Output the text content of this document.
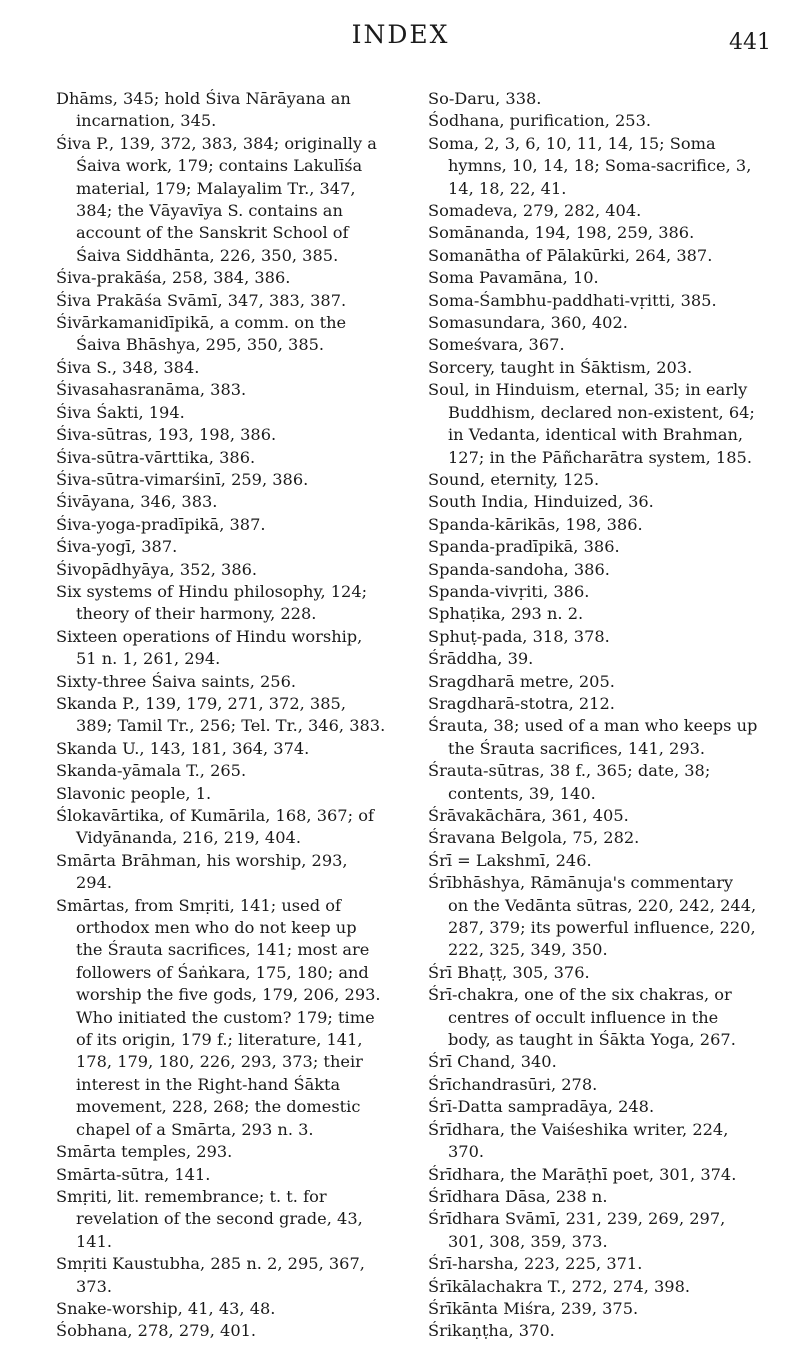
INDEX	441

Dhāms, 345; hold Śiva Nārāyana an incarnation, 345.

Śiva P., 139, 372, 383, 384; originally a Śaiva work, 179; contains Lakulīśa material, 179; Malayalim Tr., 347, 384; the Vāyavīya S. contains an account of the Sanskrit School of Śaiva Siddhānta, 226, 350, 385.

Śiva-prakāśa, 258, 384, 386.

Śiva Prakāśa Svāmī, 347, 383, 387.

Śivārkamanidīpikā, a comm. on the Śaiva Bhāshya, 295, 350, 385.

Śiva S., 348, 384.

Śivasahasranāma, 383.

Śiva Śakti, 194.

Śiva-sūtras, 193, 198, 386.

Śiva-sūtra-vārttika, 386.

Śiva-sūtra-vimarśinī, 259, 386.

Śivāyana, 346, 383.

Śiva-yoga-pradīpikā, 387.

Śiva-yogī, 387.

Śivopādhyāya, 352, 386.

Six systems of Hindu philosophy, 124; theory of their harmony, 228.

Sixteen operations of Hindu worship, 51 n. 1, 261, 294.

Sixty-three Śaiva saints, 256.

Skanda P., 139, 179, 271, 372, 385, 389; Tamil Tr., 256; Tel. Tr., 346, 383.

Skanda U., 143, 181, 364, 374.

Skanda-yāmala T., 265.

Slavonic people, 1.

Ślokavārtika, of Kumārila, 168, 367; of Vidyānanda, 216, 219, 404.

Smārta Brāhman, his worship, 293, 294.

Smārtas, from Smṛiti, 141; used of orthodox men who do not keep up the Śrauta sacrifices, 141; most are followers of Śaṅkara, 175, 180; and worship the five gods, 179, 206, 293. Who initiated the custom? 179; time of its origin, 179 f.; literature, 141, 178, 179, 180, 226, 293, 373; their interest in the Right-hand Śākta movement, 228, 268; the domestic chapel of a Smārta, 293 n. 3.

Smārta temples, 293.

Smārta-sūtra, 141.

Smṛiti, lit. remembrance; t. t. for revelation of the second grade, 43, 141.

Smṛiti Kaustubha, 285 n. 2, 295, 367, 373.

Snake-worship, 41, 43, 48.

Śobhana, 278, 279, 401.

So-Daru, 338.

Śodhana, purification, 253.

Soma, 2, 3, 6, 10, 11, 14, 15; Soma hymns, 10, 14, 18; Soma-sacrifice, 3, 14, 18, 22, 41.

Somadeva, 279, 282, 404.

Somānanda, 194, 198, 259, 386.

Somanātha of Pālakūrki, 264, 387.

Soma Pavamāna, 10.

Soma-Śambhu-paddhati-vṛitti, 385.

Somasundara, 360, 402.

Someśvara, 367.

Sorcery, taught in Śāktism, 203.

Soul, in Hinduism, eternal, 35; in early Buddhism, declared non-existent, 64; in Vedanta, identical with Brahman, 127; in the Pāñcharātra system, 185.

Sound, eternity, 125.

South India, Hinduized, 36.

Spanda-kārikās, 198, 386.

Spanda-pradīpikā, 386.

Spanda-sandoha, 386.

Spanda-vivṛiti, 386.

Sphaṭika, 293 n. 2.

Sphuṭ-pada, 318, 378.

Śrāddha, 39.

Sragdharā metre, 205.

Sragdharā-stotra, 212.

Śrauta, 38; used of a man who keeps up the Śrauta sacrifices, 141, 293.

Śrauta-sūtras, 38 f., 365; date, 38; contents, 39, 140.

Śrāvakāchāra, 361, 405.

Śravana Belgola, 75, 282.

Śrī = Lakshmī, 246.

Śrībhāshya, Rāmānuja's commentary on the Vedānta sūtras, 220, 242, 244, 287, 379; its powerful influence, 220, 222, 325, 349, 350.

Śrī Bhaṭṭ, 305, 376.

Śrī-chakra, one of the six chakras, or centres of occult influence in the body, as taught in Śākta Yoga, 267.

Śrī Chand, 340.

Śrīchandrasūri, 278.

Śrī-Datta sampradāya, 248.

Śrīdhara, the Vaiśeshika writer, 224, 370.

Śrīdhara, the Marāṭhī poet, 301, 374.

Śrīdhara Dāsa, 238 n.

Śrīdhara Svāmī, 231, 239, 269, 297, 301, 308, 359, 373.

Śrī-harsha, 223, 225, 371.

Śrīkālachakra T., 272, 274, 398.

Śrīkānta Miśra, 239, 375.

Śrikaṇṭha, 370.
